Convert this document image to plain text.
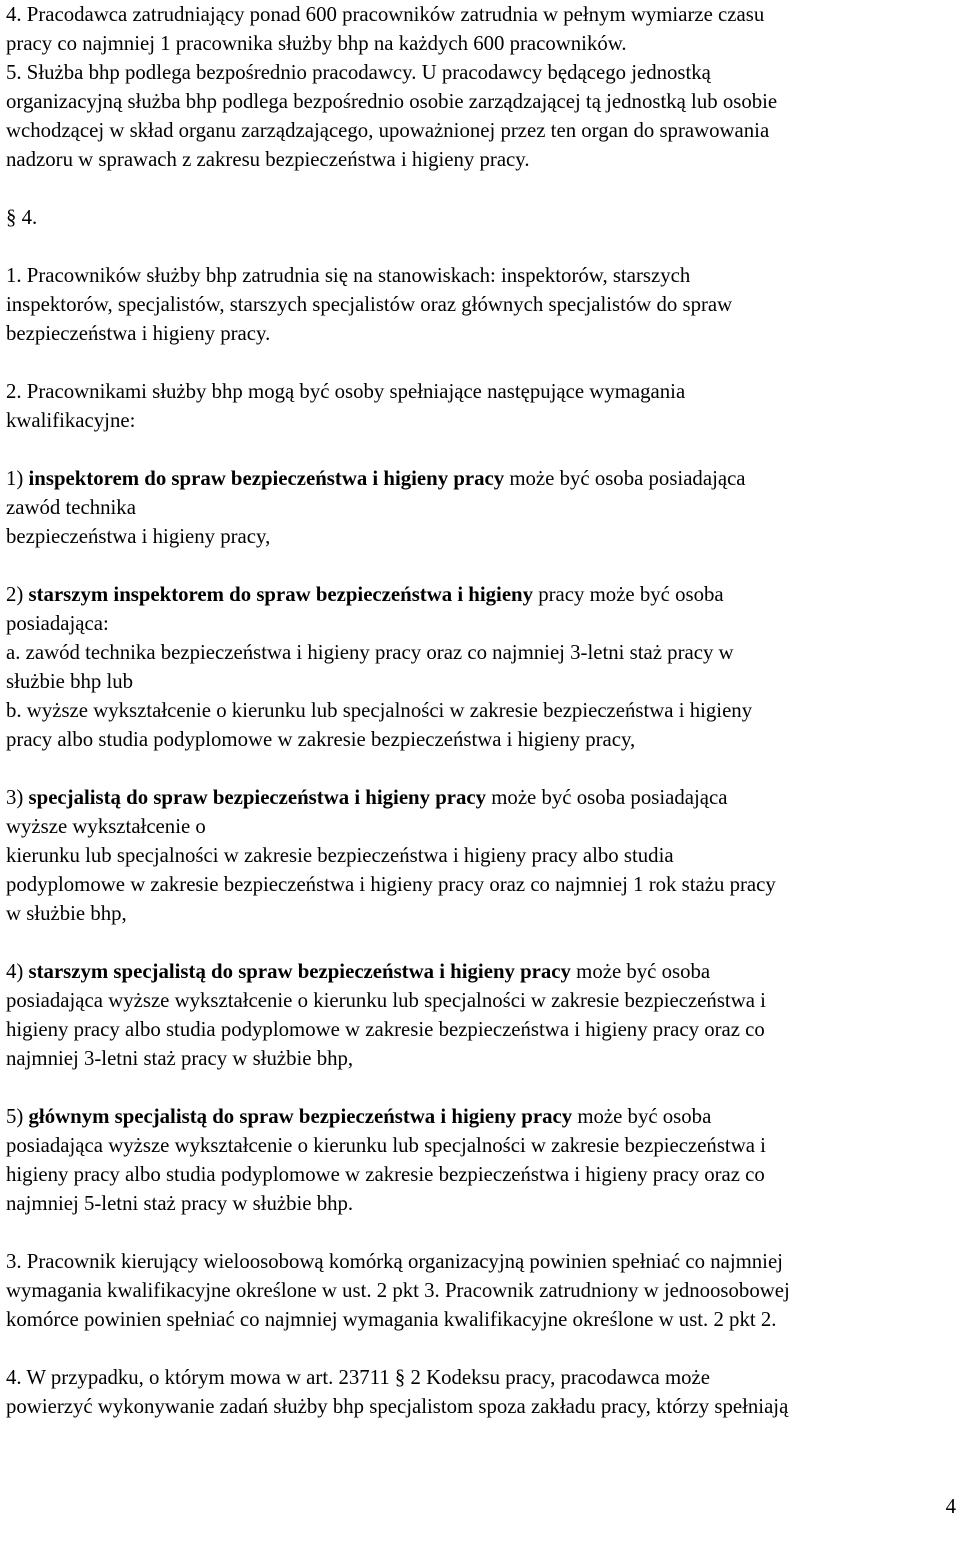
4. Pracodawca zatrudniający ponad 600 pracowników zatrudnia w pełnym wymiarze czasu
pracy co najmniej 1 pracownika służby bhp na każdych 600 pracowników.
5. Służba bhp podlega bezpośrednio pracodawcy. U pracodawcy będącego jednostką
organizacyjną służba bhp podlega bezpośrednio osobie zarządzającej tą jednostką lub osobie
wchodzącej w skład organu zarządzającego, upoważnionej przez ten organ do sprawowania
nadzoru w sprawach z zakresu bezpieczeństwa i higieny pracy.
§ 4.
1. Pracowników służby bhp zatrudnia się na stanowiskach: inspektorów, starszych
inspektorów, specjalistów, starszych specjalistów oraz głównych specjalistów do spraw
bezpieczeństwa i higieny pracy.
2. Pracownikami służby bhp mogą być osoby spełniające następujące wymagania
kwalifikacyjne:
1) inspektorem do spraw bezpieczeństwa i higieny pracy może być osoba posiadająca
zawód technika
bezpieczeństwa i higieny pracy,
2) starszym inspektorem do spraw bezpieczeństwa i higieny pracy może być osoba
posiadająca:
a. zawód technika bezpieczeństwa i higieny pracy oraz co najmniej 3-letni staż pracy w
służbie bhp lub
b. wyższe wykształcenie o kierunku lub specjalności w zakresie bezpieczeństwa i higieny
pracy albo studia podyplomowe w zakresie bezpieczeństwa i higieny pracy,
3) specjalistą do spraw bezpieczeństwa i higieny pracy może być osoba posiadająca
wyższe wykształcenie o
kierunku lub specjalności w zakresie bezpieczeństwa i higieny pracy albo studia
podyplomowe w zakresie bezpieczeństwa i higieny pracy oraz co najmniej 1 rok stażu pracy
w służbie bhp,
4) starszym specjalistą do spraw bezpieczeństwa i higieny pracy może być osoba
posiadająca wyższe wykształcenie o kierunku lub specjalności w zakresie bezpieczeństwa i
higieny pracy albo studia podyplomowe w zakresie bezpieczeństwa i higieny pracy oraz co
najmniej 3-letni staż pracy w służbie bhp,
5) głównym specjalistą do spraw bezpieczeństwa i higieny pracy może być osoba
posiadająca wyższe wykształcenie o kierunku lub specjalności w zakresie bezpieczeństwa i
higieny pracy albo studia podyplomowe w zakresie bezpieczeństwa i higieny pracy oraz co
najmniej 5-letni staż pracy w służbie bhp.
3. Pracownik kierujący wieloosobową komórką organizacyjną powinien spełniać co najmniej
wymagania kwalifikacyjne określone w ust. 2 pkt 3. Pracownik zatrudniony w jednoosobowej
komórce powinien spełniać co najmniej wymagania kwalifikacyjne określone w ust. 2 pkt 2.
4. W przypadku, o którym mowa w art. 23711 § 2 Kodeksu pracy, pracodawca może
powierzyć wykonywanie zadań służby bhp specjalistom spoza zakładu pracy, którzy spełniają
4
